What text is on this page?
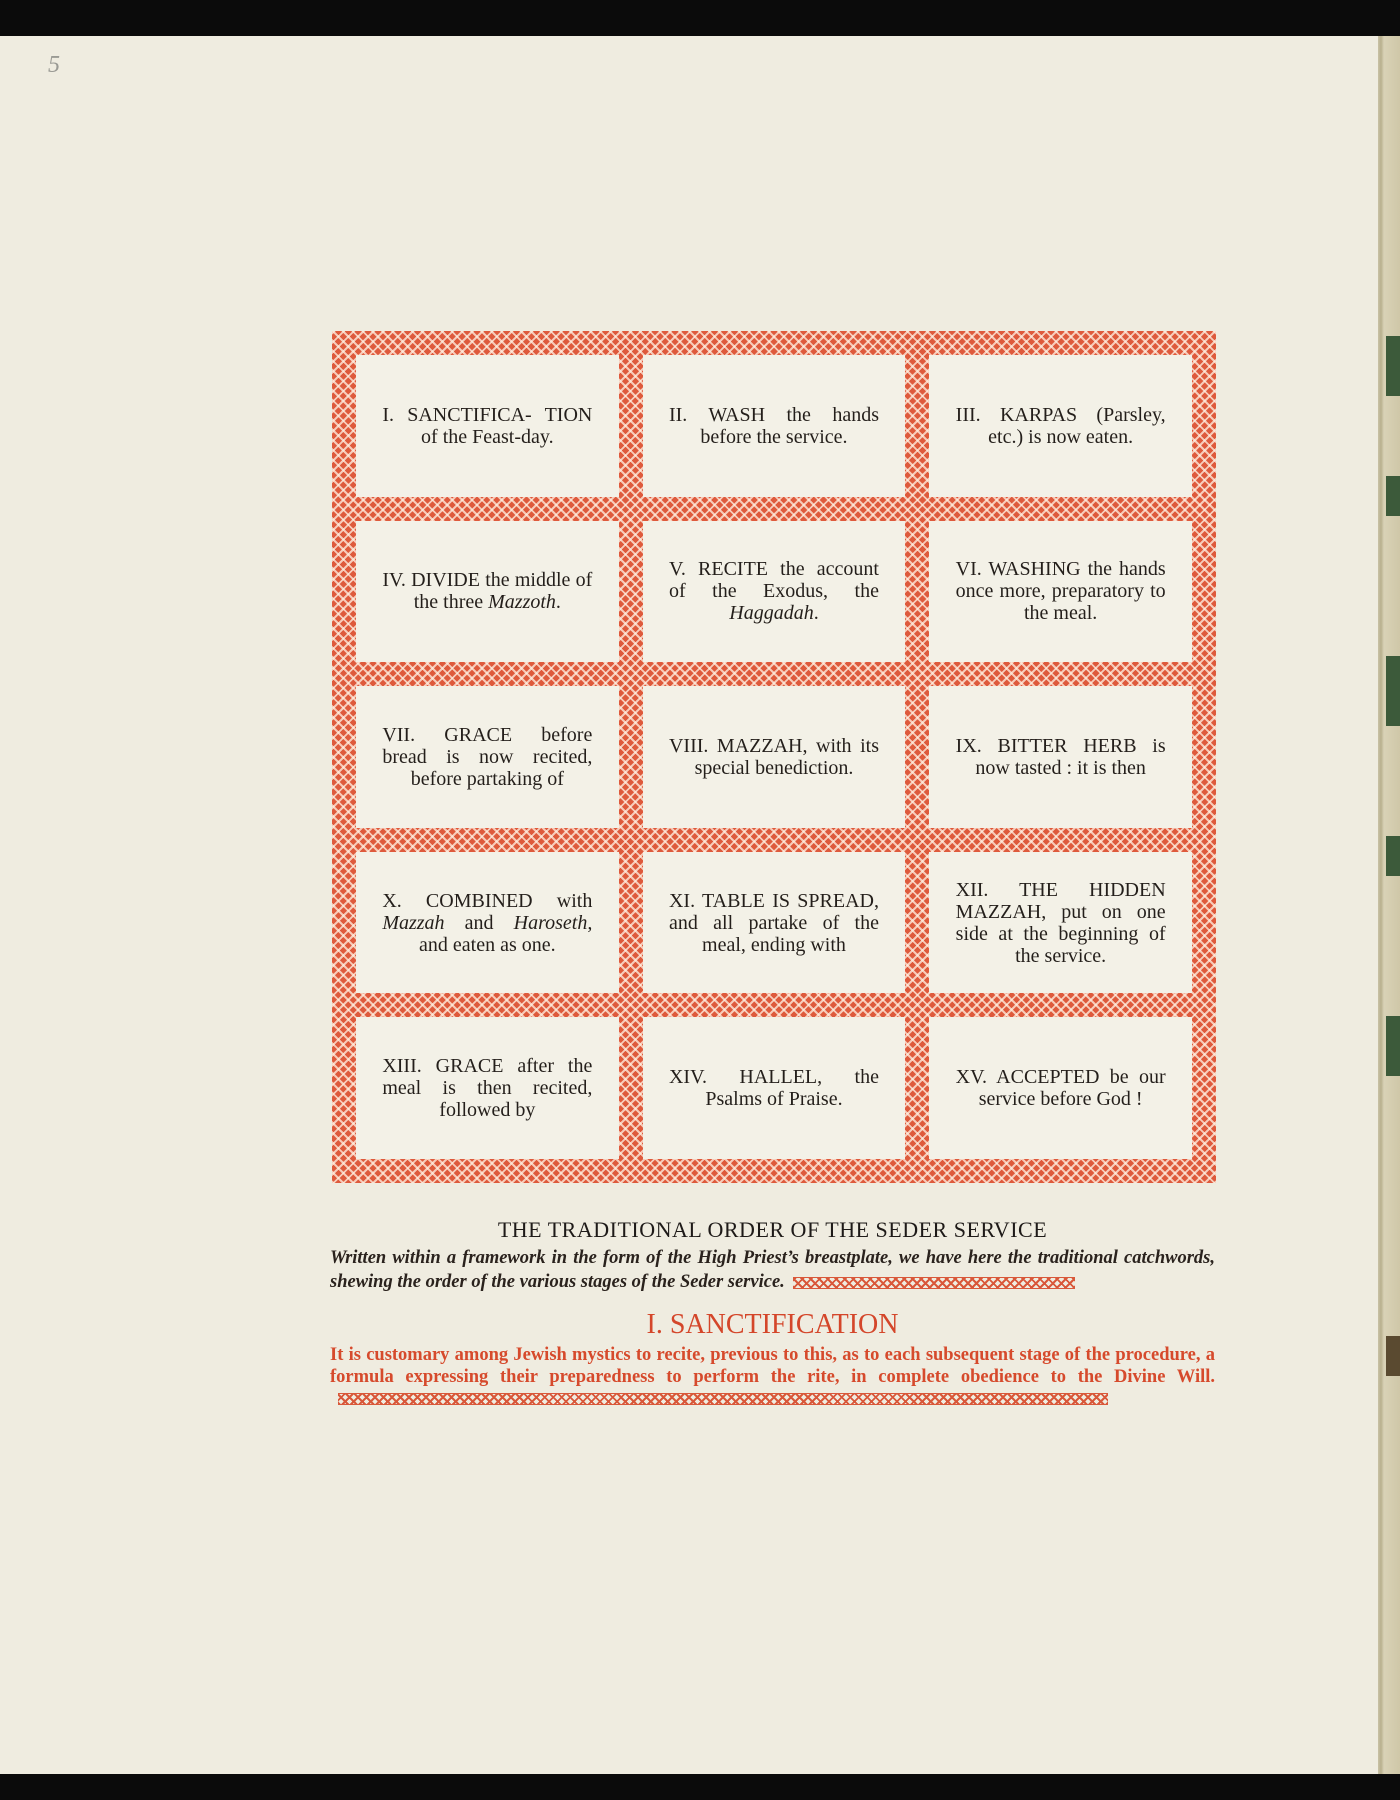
5
I. SANCTIFICA- TION of the Feast-day.
II. WASH the hands before the service.
III. KARPAS (Parsley, etc.) is now eaten.
IV. DIVIDE the middle of the three Mazzoth.
V. RECITE the account of the Exodus, the Haggadah.
VI. WASHING the hands once more, preparatory to the meal.
VII. GRACE before bread is now recited, before partaking of
VIII. MAZZAH, with its special benediction.
IX. BITTER HERB is now tasted : it is then
X. COMBINED with Mazzah and Haroseth, and eaten as one.
XI. TABLE IS SPREAD, and all partake of the meal, ending with
XII. THE HIDDEN MAZZAH, put on one side at the beginning of the service.
XIII. GRACE after the meal is then recited, followed by
XIV. HALLEL, the Psalms of Praise.
XV. ACCEPTED be our service before God !
THE TRADITIONAL ORDER OF THE SEDER SERVICE
Written within a framework in the form of the High Priest’s breastplate, we have here the traditional catchwords, shewing the order of the various stages of the Seder service.
I. SANCTIFICATION
It is customary among Jewish mystics to recite, previous to this, as to each subsequent stage of the procedure, a formula expressing their preparedness to perform the rite, in complete obedience to the Divine Will.
